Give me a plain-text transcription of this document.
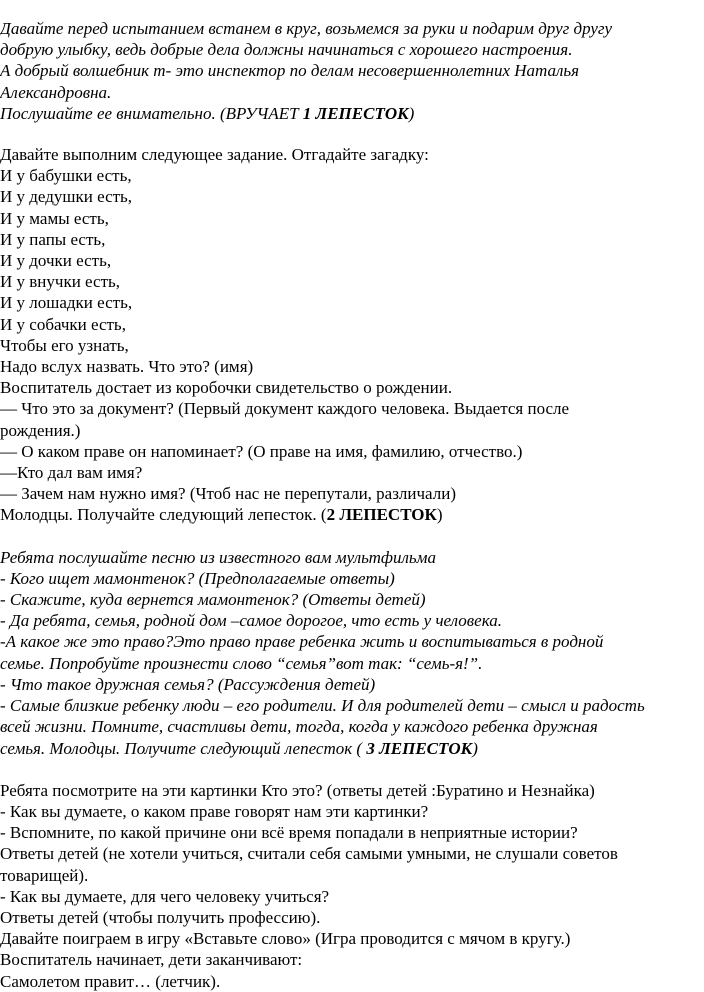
Давайте перед испытанием встанем в круг, возьмемся за руки и подарим друг другу
добрую улыбку, ведь добрые дела должны начинаться с хорошего настроения.
А добрый волшебник т- это инспектор по делам несовершеннолетних Наталья
Александровна.
Послушайте ее внимательно. (ВРУЧАЕТ 1 ЛЕПЕСТОК)
Давайте выполним следующее задание. Отгадайте загадку:
И у бабушки есть,
И у дедушки есть,
И у мамы есть,
И у папы есть,
И у дочки есть,
И у внучки есть,
И у лошадки есть,
И у собачки есть,
Чтобы его узнать,
Надо вслух назвать. Что это? (имя)
Воспитатель достает из коробочки свидетельство о рождении.
— Что это за документ? (Первый документ каждого человека. Выдается после
рождения.)
— О каком праве он напоминает? (О праве на имя, фамилию, отчество.)
—Кто дал вам имя?
— Зачем нам нужно имя? (Чтоб нас не перепутали, различали)
Молодцы. Получайте следующий лепесток. (2 ЛЕПЕСТОК)
Ребята послушайте песню из известного вам мультфильма
- Кого ищет мамонтенок? (Предполагаемые ответы)
- Скажите, куда вернется мамонтенок? (Ответы детей)
- Да ребята, семья, родной дом –самое дорогое, что есть у человека.
-А какое же это право?Это право праве ребенка жить и воспитываться в родной
семье. Попробуйте произнести слово “семья”вот так: “семь-я!”.
- Что такое дружная семья? (Рассуждения детей)
- Самые близкие ребенку люди – его родители. И для родителей дети – смысл и радость
всей жизни. Помните, счастливы дети, тогда, когда у каждого ребенка дружная
семья. Молодцы. Получите следующий лепесток ( 3 ЛЕПЕСТОК)
Ребята посмотрите на эти картинки Кто это? (ответы детей :Буратино и Незнайка)
- Как вы думаете, о каком праве говорят нам эти картинки?
- Вспомните, по какой причине они всё время попадали в неприятные истории?
Ответы детей (не хотели учиться, считали себя самыми умными, не слушали советов
товарищей).
- Как вы думаете, для чего человеку учиться?
Ответы детей (чтобы получить профессию).
Давайте поиграем в игру «Вставьте слово» (Игра проводится с мячом в кругу.)
Воспитатель начинает, дети заканчивают:
Самолетом правит… (летчик).
